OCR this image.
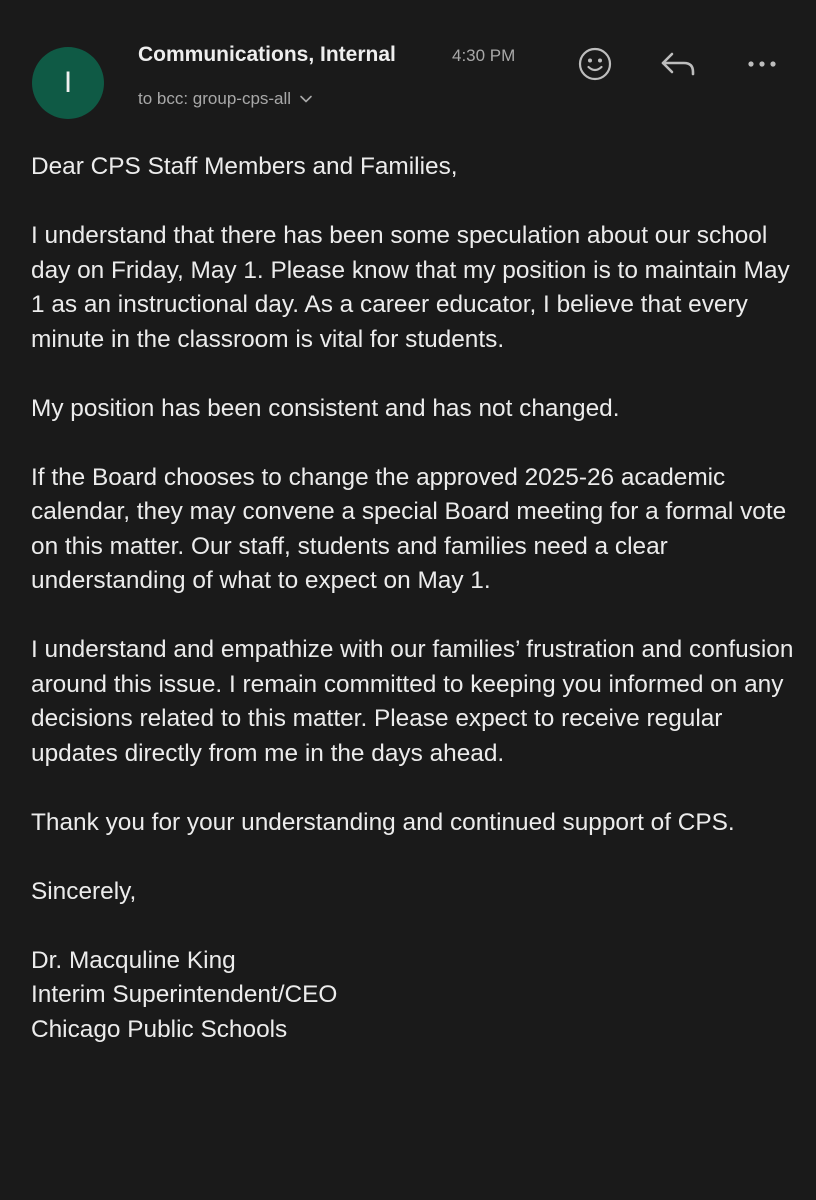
I
Communications, Internal	4:30 PM
to bcc: group-cps-all

Dear CPS Staff Members and Families,

I understand that there has been some speculation about our school day on Friday, May 1. Please know that my position is to maintain May 1 as an instructional day. As a career educator, I believe that every minute in the classroom is vital for students.

My position has been consistent and has not changed.

If the Board chooses to change the approved 2025-26 academic calendar, they may convene a special Board meeting for a formal vote on this matter. Our staff, students and families need a clear understanding of what to expect on May 1.

I understand and empathize with our families’ frustration and confusion around this issue. I remain committed to keeping you informed on any decisions related to this matter. Please expect to receive regular updates directly from me in the days ahead.

Thank you for your understanding and continued support of CPS.

Sincerely,

Dr. Macquline King
Interim Superintendent/CEO
Chicago Public Schools
